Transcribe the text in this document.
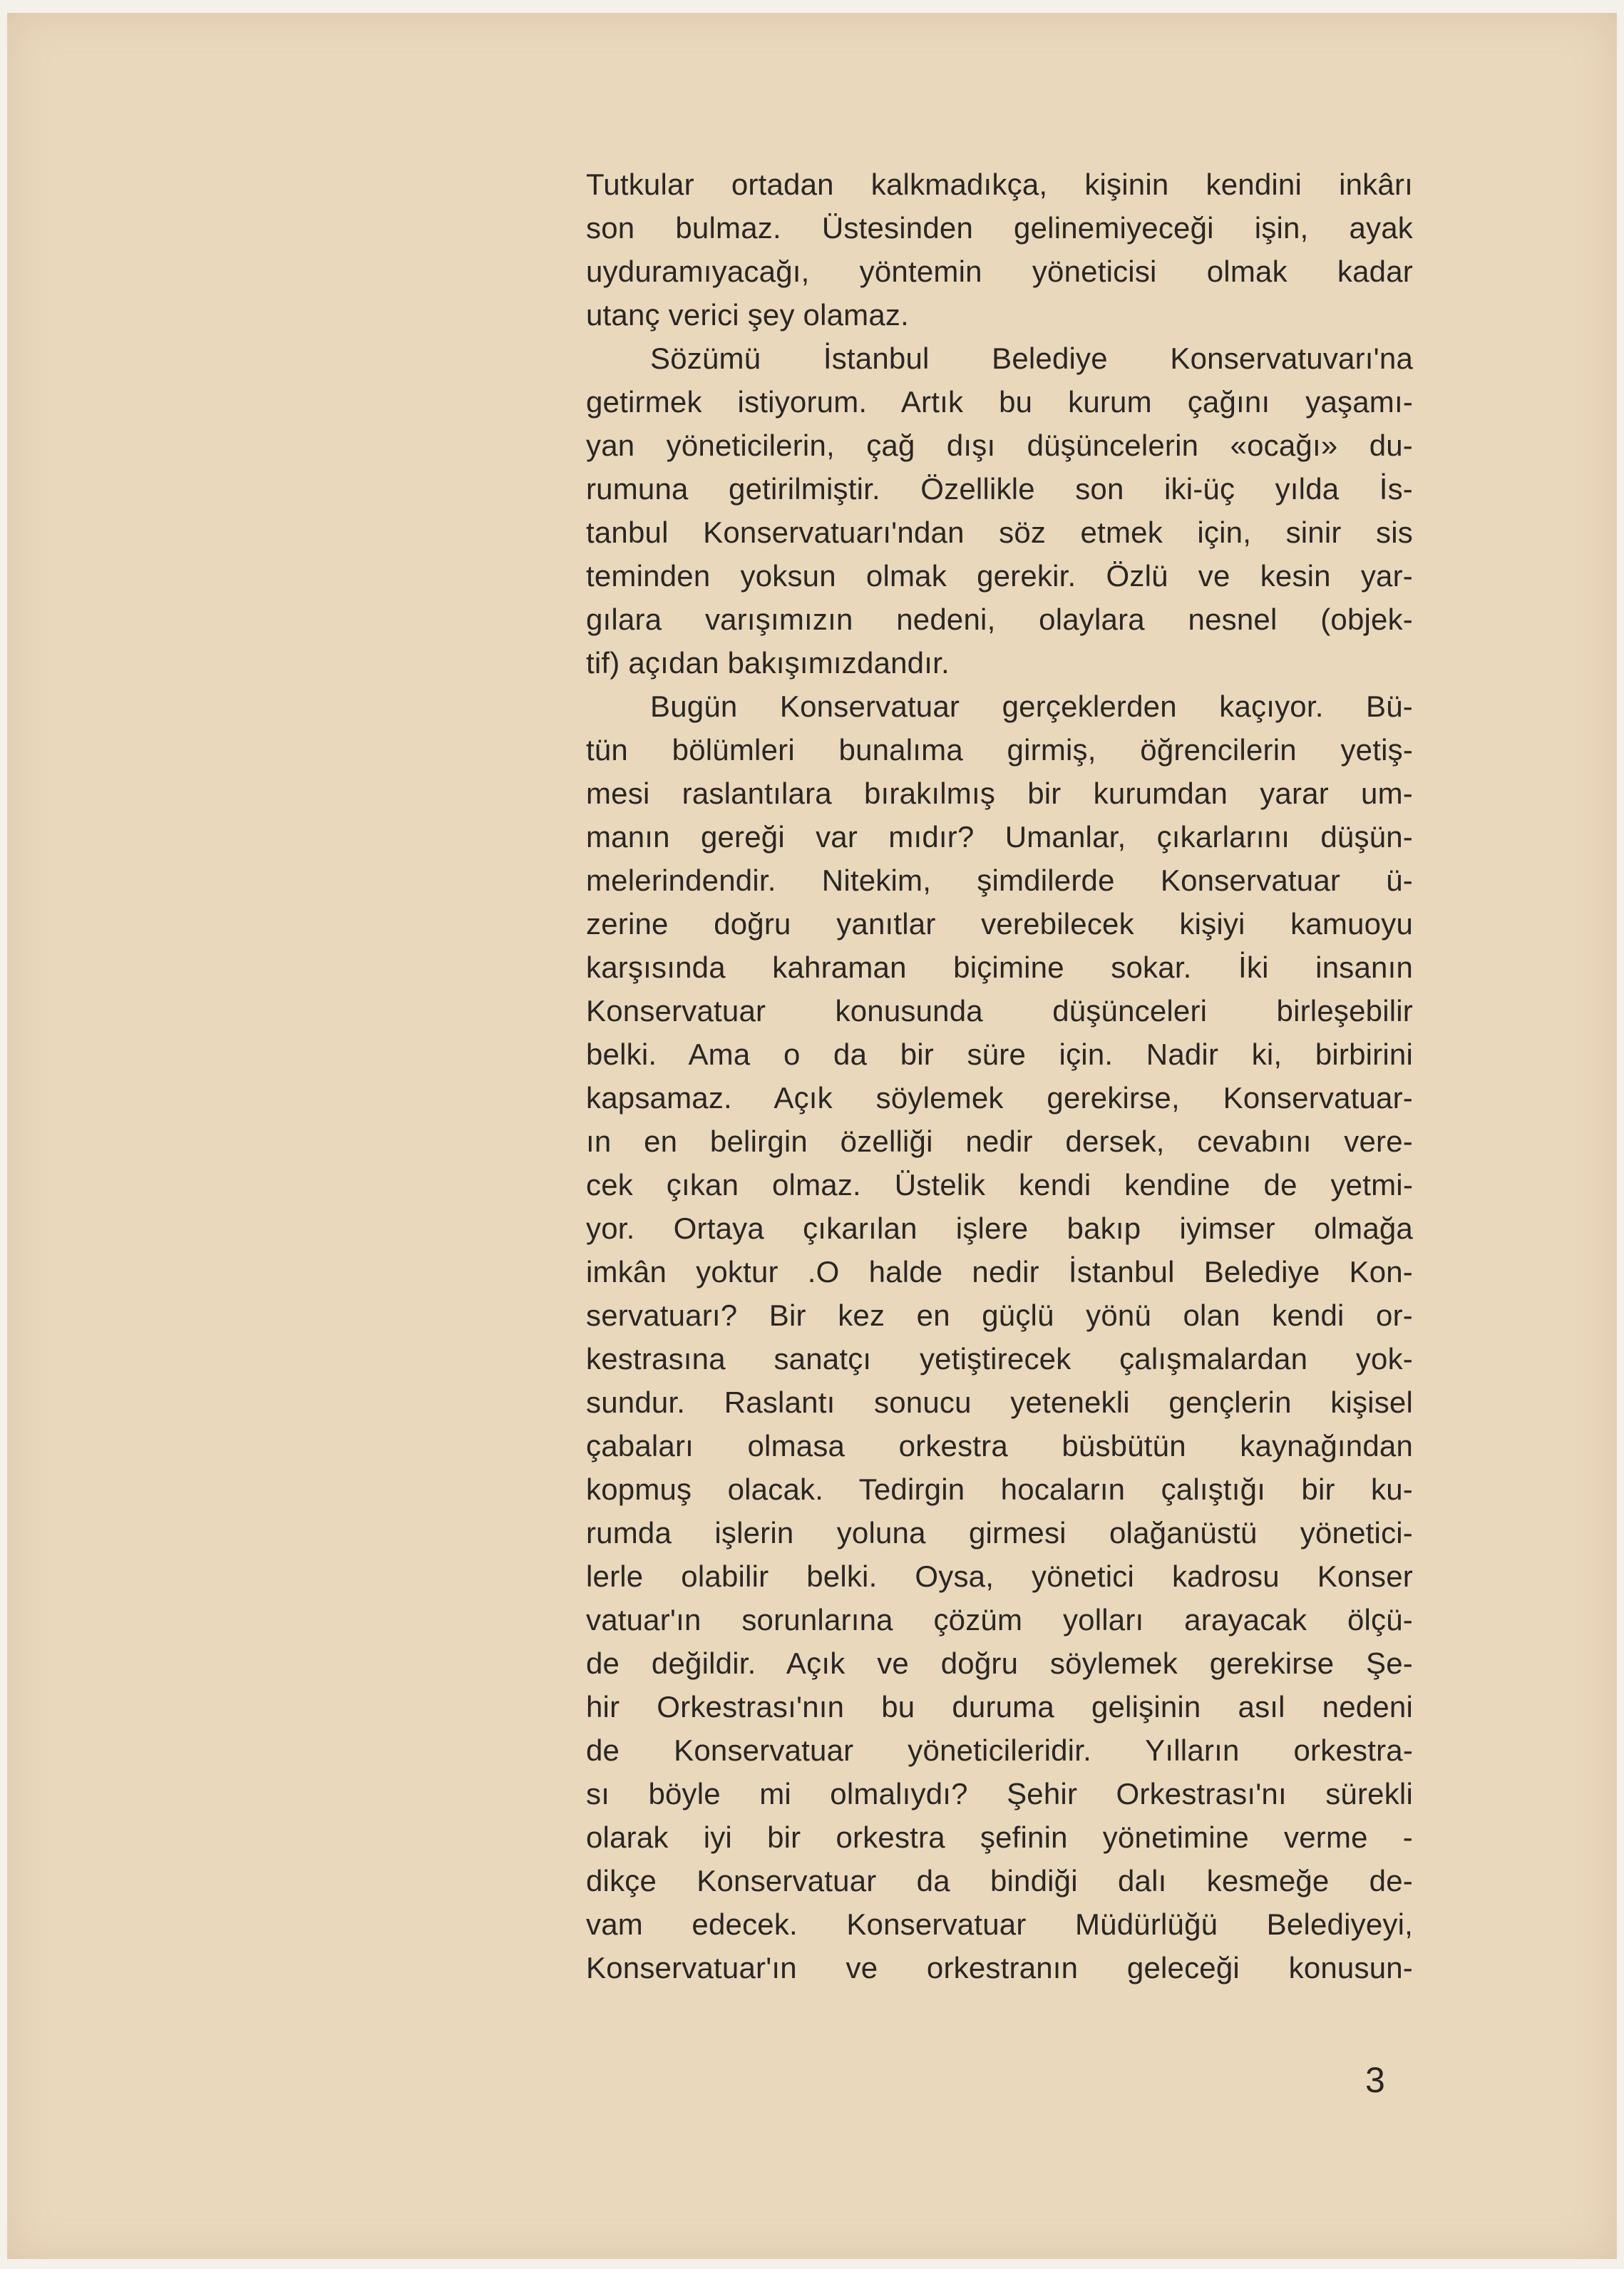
Tutkular ortadan kalkmadıkça, kişinin kendini inkârı
son bulmaz. Üstesinden gelinemiyeceği işin, ayak
uyduramıyacağı, yöntemin yöneticisi olmak kadar
utanç verici şey olamaz.
Sözümü İstanbul Belediye Konservatuvarı'na
getirmek istiyorum. Artık bu kurum çağını yaşamı-
yan yöneticilerin, çağ dışı düşüncelerin «ocağı» du-
rumuna getirilmiştir. Özellikle son iki-üç yılda İs-
tanbul Konservatuarı'ndan söz etmek için, sinir sis
teminden yoksun olmak gerekir. Özlü ve kesin yar-
gılara varışımızın nedeni, olaylara nesnel (objek-
tif) açıdan bakışımızdandır.
Bugün Konservatuar gerçeklerden kaçıyor. Bü-
tün bölümleri bunalıma girmiş, öğrencilerin yetiş-
mesi raslantılara bırakılmış bir kurumdan yarar um-
manın gereği var mıdır? Umanlar, çıkarlarını düşün-
melerindendir. Nitekim, şimdilerde Konservatuar ü-
zerine doğru yanıtlar verebilecek kişiyi kamuoyu
karşısında kahraman biçimine sokar. İki insanın
Konservatuar konusunda düşünceleri birleşebilir
belki. Ama o da bir süre için. Nadir ki, birbirini
kapsamaz. Açık söylemek gerekirse, Konservatuar-
ın en belirgin özelliği nedir dersek, cevabını vere-
cek çıkan olmaz. Üstelik kendi kendine de yetmi-
yor. Ortaya çıkarılan işlere bakıp iyimser olmağa
imkân yoktur .O halde nedir İstanbul Belediye Kon-
servatuarı? Bir kez en güçlü yönü olan kendi or-
kestrasına sanatçı yetiştirecek çalışmalardan yok-
sundur. Raslantı sonucu yetenekli gençlerin kişisel
çabaları olmasa orkestra büsbütün kaynağından
kopmuş olacak. Tedirgin hocaların çalıştığı bir ku-
rumda işlerin yoluna girmesi olağanüstü yönetici-
lerle olabilir belki. Oysa, yönetici kadrosu Konser
vatuar'ın sorunlarına çözüm yolları arayacak ölçü-
de değildir. Açık ve doğru söylemek gerekirse Şe-
hir Orkestrası'nın bu duruma gelişinin asıl nedeni
de Konservatuar yöneticileridir. Yılların orkestra-
sı böyle mi olmalıydı? Şehir Orkestrası'nı sürekli
olarak iyi bir orkestra şefinin yönetimine verme -
dikçe Konservatuar da bindiği dalı kesmeğe de-
vam edecek. Konservatuar Müdürlüğü Belediyeyi,
Konservatuar'ın ve orkestranın geleceği konusun-
3
